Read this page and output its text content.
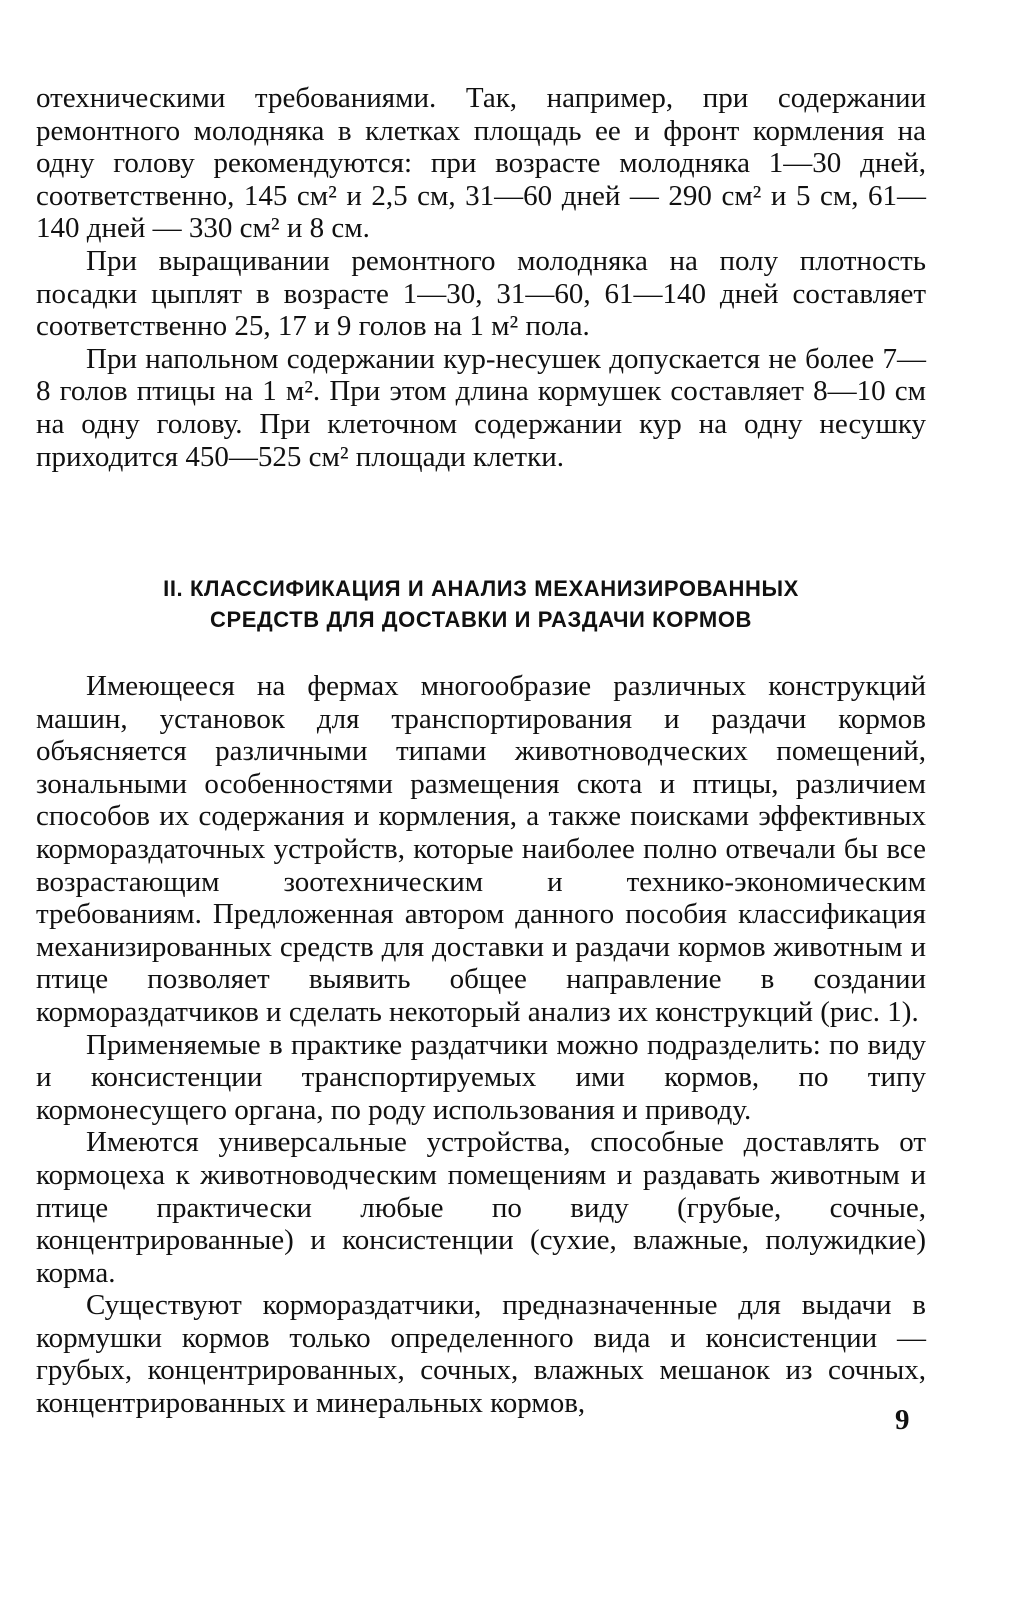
отехническими требованиями. Так, например, при содержании ремонтного молодняка в клетках площадь ее и фронт кормления на одну голову рекомендуются: при возрасте молодняка 1—30 дней, соответственно, 145 см² и 2,5 см, 31—60 дней — 290 см² и 5 см, 61—140 дней — 330 см² и 8 см.

При выращивании ремонтного молодняка на полу плотность посадки цыплят в возрасте 1—30, 31—60, 61—140 дней составляет соответственно 25, 17 и 9 голов на 1 м² пола.

При напольном содержании кур-несушек допускается не более 7—8 голов птицы на 1 м². При этом длина кормушек составляет 8—10 см на одну голову. При клеточном содержании кур на одну несушку приходится 450—525 см² площади клетки.

II. КЛАССИФИКАЦИЯ И АНАЛИЗ МЕХАНИЗИРОВАННЫХ
СРЕДСТВ ДЛЯ ДОСТАВКИ И РАЗДАЧИ КОРМОВ

Имеющееся на фермах многообразие различных конструкций машин, установок для транспортирования и раздачи кормов объясняется различными типами животноводческих помещений, зональными особенностями размещения скота и птицы, различием способов их содержания и кормления, а также поисками эффективных кормораздаточных устройств, которые наиболее полно отвечали бы все возрастающим зоотехническим и технико-экономическим требованиям. Предложенная автором данного пособия классификация механизированных средств для доставки и раздачи кормов животным и птице позволяет выявить общее направление в создании кормораздатчиков и сделать некоторый анализ их конструкций (рис. 1).

Применяемые в практике раздатчики можно подразделить: по виду и консистенции транспортируемых ими кормов, по типу кормонесущего органа, по роду использования и приводу.

Имеются универсальные устройства, способные доставлять от кормоцеха к животноводческим помещениям и раздавать животным и птице практически любые по виду (грубые, сочные, концентрированные) и консистенции (сухие, влажные, полужидкие) корма.

Существуют кормораздатчики, предназначенные для выдачи в кормушки кормов только определенного вида и консистенции — грубых, концентрированных, сочных, влажных мешанок из сочных, концентрированных и минеральных кормов,

9
